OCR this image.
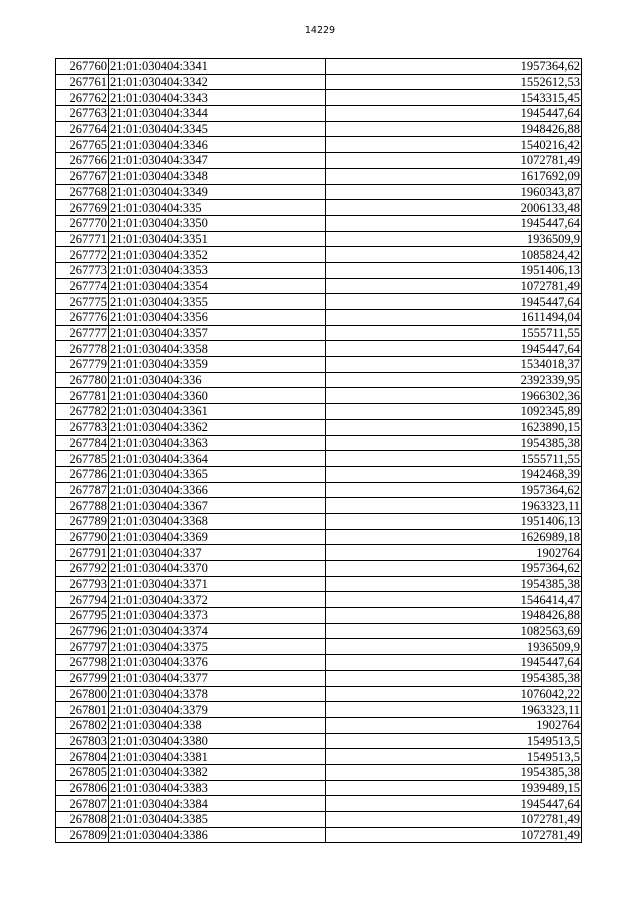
14229
267760	21:01:030404:3341	1957364,62
267761	21:01:030404:3342	1552612,53
267762	21:01:030404:3343	1543315,45
267763	21:01:030404:3344	1945447,64
267764	21:01:030404:3345	1948426,88
267765	21:01:030404:3346	1540216,42
267766	21:01:030404:3347	1072781,49
267767	21:01:030404:3348	1617692,09
267768	21:01:030404:3349	1960343,87
267769	21:01:030404:335	2006133,48
267770	21:01:030404:3350	1945447,64
267771	21:01:030404:3351	1936509,9
267772	21:01:030404:3352	1085824,42
267773	21:01:030404:3353	1951406,13
267774	21:01:030404:3354	1072781,49
267775	21:01:030404:3355	1945447,64
267776	21:01:030404:3356	1611494,04
267777	21:01:030404:3357	1555711,55
267778	21:01:030404:3358	1945447,64
267779	21:01:030404:3359	1534018,37
267780	21:01:030404:336	2392339,95
267781	21:01:030404:3360	1966302,36
267782	21:01:030404:3361	1092345,89
267783	21:01:030404:3362	1623890,15
267784	21:01:030404:3363	1954385,38
267785	21:01:030404:3364	1555711,55
267786	21:01:030404:3365	1942468,39
267787	21:01:030404:3366	1957364,62
267788	21:01:030404:3367	1963323,11
267789	21:01:030404:3368	1951406,13
267790	21:01:030404:3369	1626989,18
267791	21:01:030404:337	1902764
267792	21:01:030404:3370	1957364,62
267793	21:01:030404:3371	1954385,38
267794	21:01:030404:3372	1546414,47
267795	21:01:030404:3373	1948426,88
267796	21:01:030404:3374	1082563,69
267797	21:01:030404:3375	1936509,9
267798	21:01:030404:3376	1945447,64
267799	21:01:030404:3377	1954385,38
267800	21:01:030404:3378	1076042,22
267801	21:01:030404:3379	1963323,11
267802	21:01:030404:338	1902764
267803	21:01:030404:3380	1549513,5
267804	21:01:030404:3381	1549513,5
267805	21:01:030404:3382	1954385,38
267806	21:01:030404:3383	1939489,15
267807	21:01:030404:3384	1945447,64
267808	21:01:030404:3385	1072781,49
267809	21:01:030404:3386	1072781,49
